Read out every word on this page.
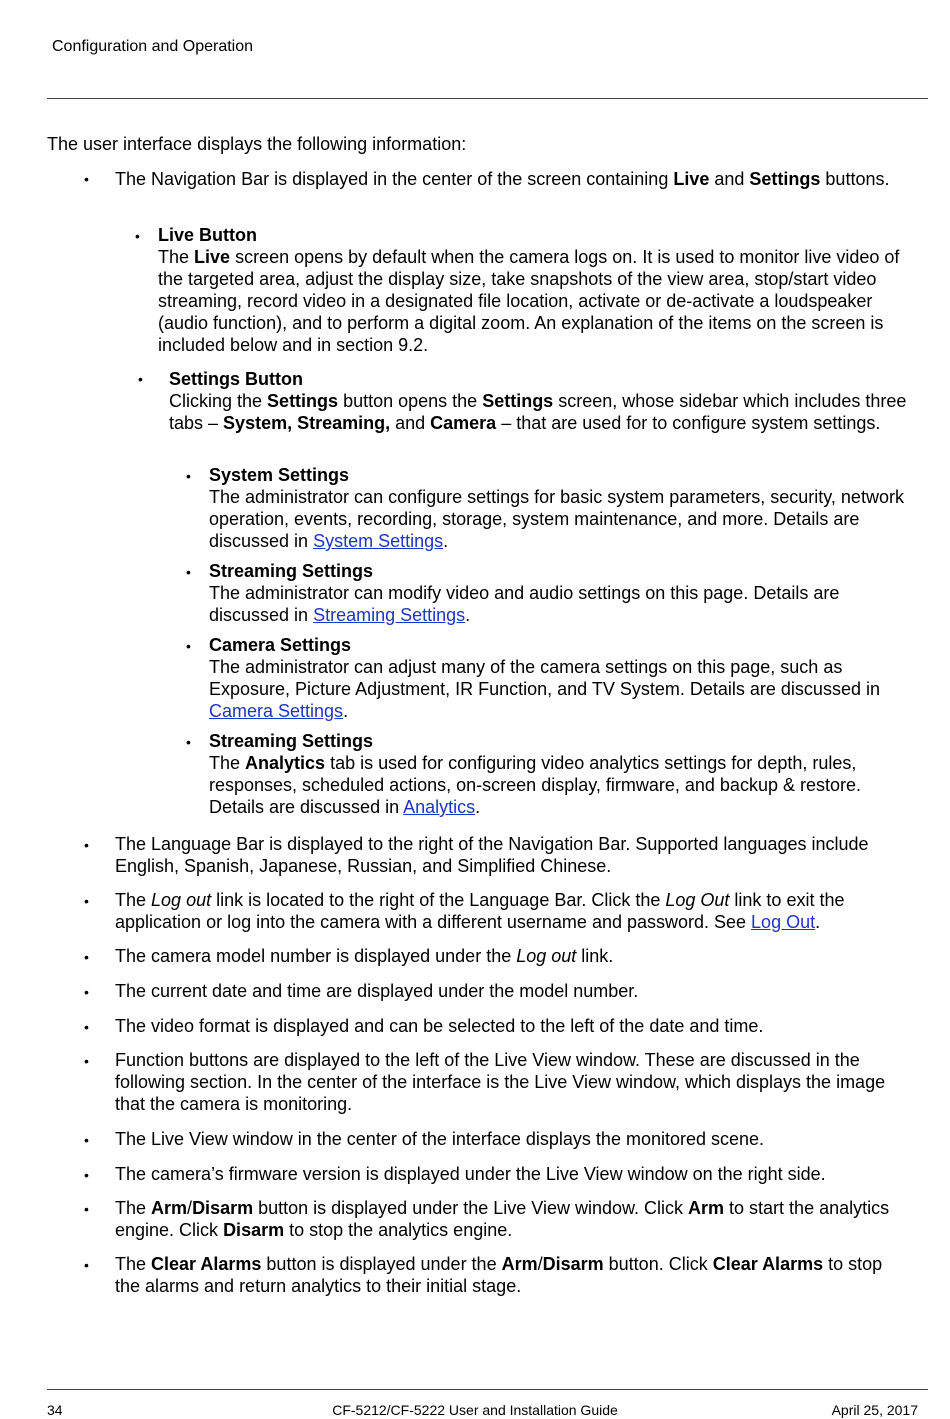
Configuration and Operation
The user interface displays the following information:
• The Navigation Bar is displayed in the center of the screen containing Live and Settings buttons.
• Live Button
The Live screen opens by default when the camera logs on. It is used to monitor live video of the targeted area, adjust the display size, take snapshots of the view area, stop/start video streaming, record video in a designated file location, activate or de-activate a loudspeaker (audio function), and to perform a digital zoom. An explanation of the items on the screen is included below and in section 9.2.
• Settings Button
Clicking the Settings button opens the Settings screen, whose sidebar which includes three tabs – System, Streaming, and Camera – that are used for to configure system settings.
• System Settings
The administrator can configure settings for basic system parameters, security, network operation, events, recording, storage, system maintenance, and more. Details are discussed in System Settings.
• Streaming Settings
The administrator can modify video and audio settings on this page. Details are discussed in Streaming Settings.
• Camera Settings
The administrator can adjust many of the camera settings on this page, such as Exposure, Picture Adjustment, IR Function, and TV System. Details are discussed in Camera Settings.
• Streaming Settings
The Analytics tab is used for configuring video analytics settings for depth, rules, responses, scheduled actions, on-screen display, firmware, and backup & restore. Details are discussed in Analytics.
• The Language Bar is displayed to the right of the Navigation Bar. Supported languages include English, Spanish, Japanese, Russian, and Simplified Chinese.
• The Log out link is located to the right of the Language Bar. Click the Log Out link to exit the application or log into the camera with a different username and password. See Log Out.
• The camera model number is displayed under the Log out link.
• The current date and time are displayed under the model number.
• The video format is displayed and can be selected to the left of the date and time.
• Function buttons are displayed to the left of the Live View window. These are discussed in the following section. In the center of the interface is the Live View window, which displays the image that the camera is monitoring.
• The Live View window in the center of the interface displays the monitored scene.
• The camera’s firmware version is displayed under the Live View window on the right side.
• The Arm/Disarm button is displayed under the Live View window. Click Arm to start the analytics engine. Click Disarm to stop the analytics engine.
• The Clear Alarms button is displayed under the Arm/Disarm button. Click Clear Alarms to stop the alarms and return analytics to their initial stage.
34	CF-5212/CF-5222 User and Installation Guide	April 25, 2017
